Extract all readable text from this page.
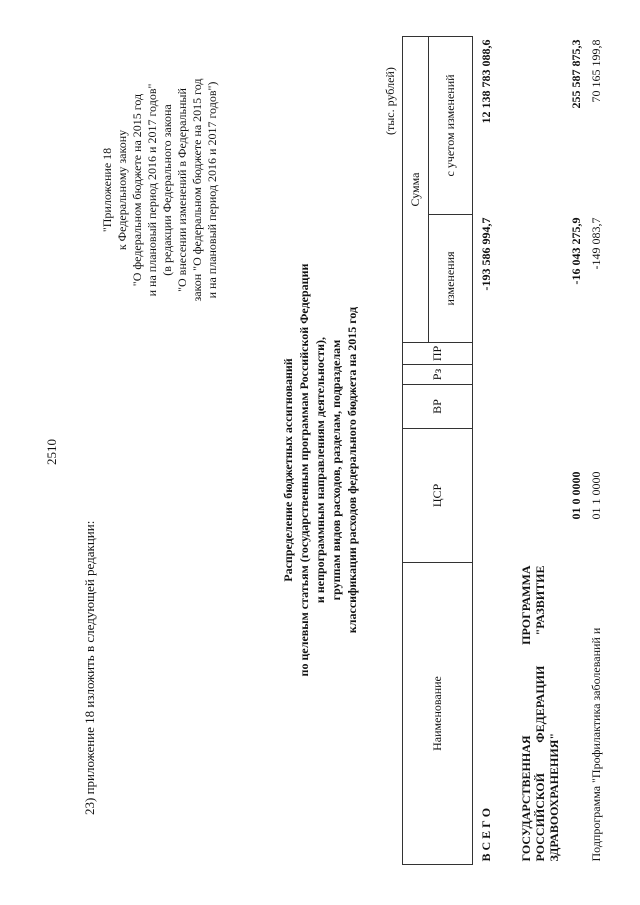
2510
23) приложение 18 изложить в следующей редакции:
"Приложение 18 к Федеральному закону "О федеральном бюджете на 2015 год и на плановый период 2016 и 2017 годов" (в редакции Федерального закона "О внесении изменений в Федеральный закон "О федеральном бюджете на 2015 год и на плановый период 2016 и 2017 годов")
Распределение бюджетных ассигнований по целевым статьям (государственным программам Российской Федерации и непрограммным направлениям деятельности), группам видов расходов, разделам, подразделам классификации расходов федерального бюджета на 2015 год
(тыс. рублей)
Наименование	ЦСР	ВР	Рз	ПР	Сумма	
					изменения	с учетом изменений
В С Е Г О					-193 586 994,7	12 138 783 088,6
ГОСУДАРСТВЕННАЯ ПРОГРАММА РОССИЙСКОЙ ФЕДЕРАЦИИ "РАЗВИТИЕ ЗДРАВООХРАНЕНИЯ"	01 0 0000				-16 043 275,9	255 587 875,3
Подпрограмма "Профилактика заболеваний и	01 1 0000				-149 083,7	70 165 199,8
